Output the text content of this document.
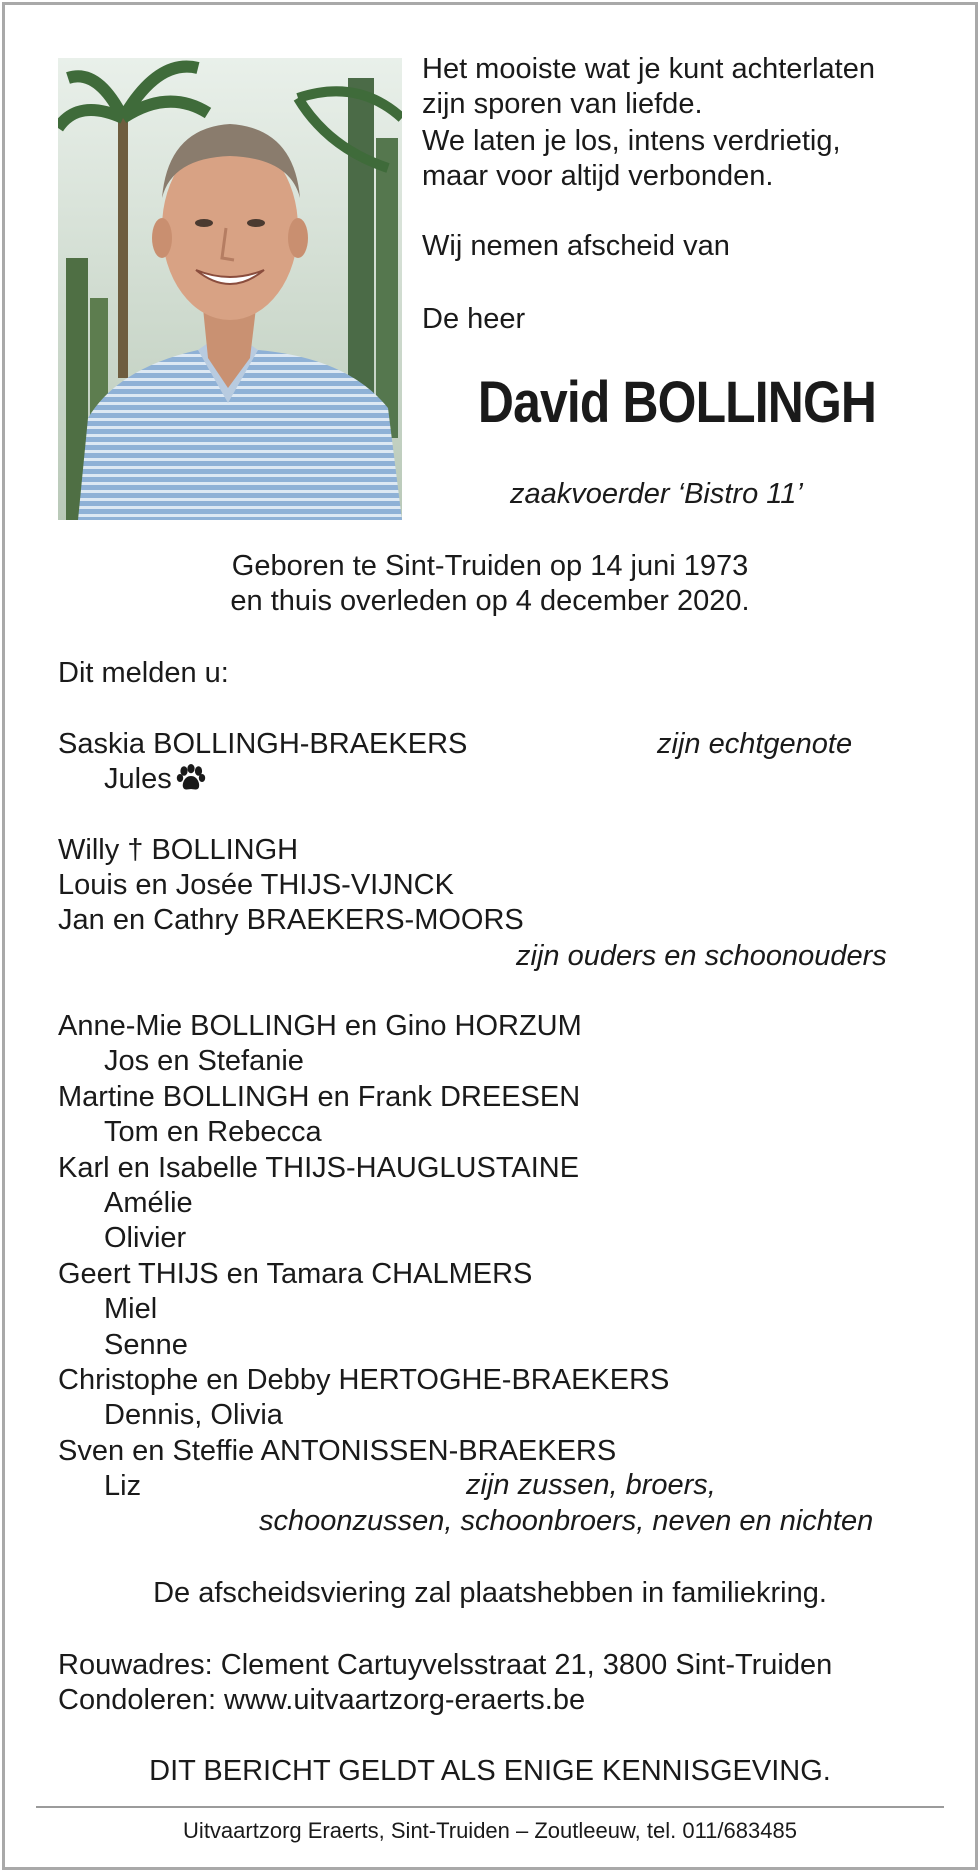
Het mooiste wat je kunt achterlaten
zijn sporen van liefde.
We laten je los, intens verdrietig,
maar voor altijd verbonden.
Wij nemen afscheid van
De heer
David BOLLINGH
zaakvoerder ‘Bistro 11’
Geboren te Sint-Truiden op 14 juni 1973
en thuis overleden op 4 december 2020.
Dit melden u:
Saskia BOLLINGH-BRAEKERS	zijn echtgenote
Jules
Willy † BOLLINGH
Louis en Josée THIJS-VIJNCK
Jan en Cathry BRAEKERS-MOORS
zijn ouders en schoonouders
Anne-Mie BOLLINGH en Gino HORZUM
Jos en Stefanie
Martine BOLLINGH en Frank DREESEN
Tom en Rebecca
Karl en Isabelle THIJS-HAUGLUSTAINE
Amélie
Olivier
Geert THIJS en Tamara CHALMERS
Miel
Senne
Christophe en Debby HERTOGHE-BRAEKERS
Dennis, Olivia
Sven en Steffie ANTONISSEN-BRAEKERS
Liz	zijn zussen, broers,
schoonzussen, schoonbroers, neven en nichten
De afscheidsviering zal plaatshebben in familiekring.
Rouwadres: Clement Cartuyvelsstraat 21, 3800 Sint-Truiden
Condoleren: www.uitvaartzorg-eraerts.be
DIT BERICHT GELDT ALS ENIGE KENNISGEVING.
Uitvaartzorg Eraerts, Sint-Truiden – Zoutleeuw, tel. 011/683485
